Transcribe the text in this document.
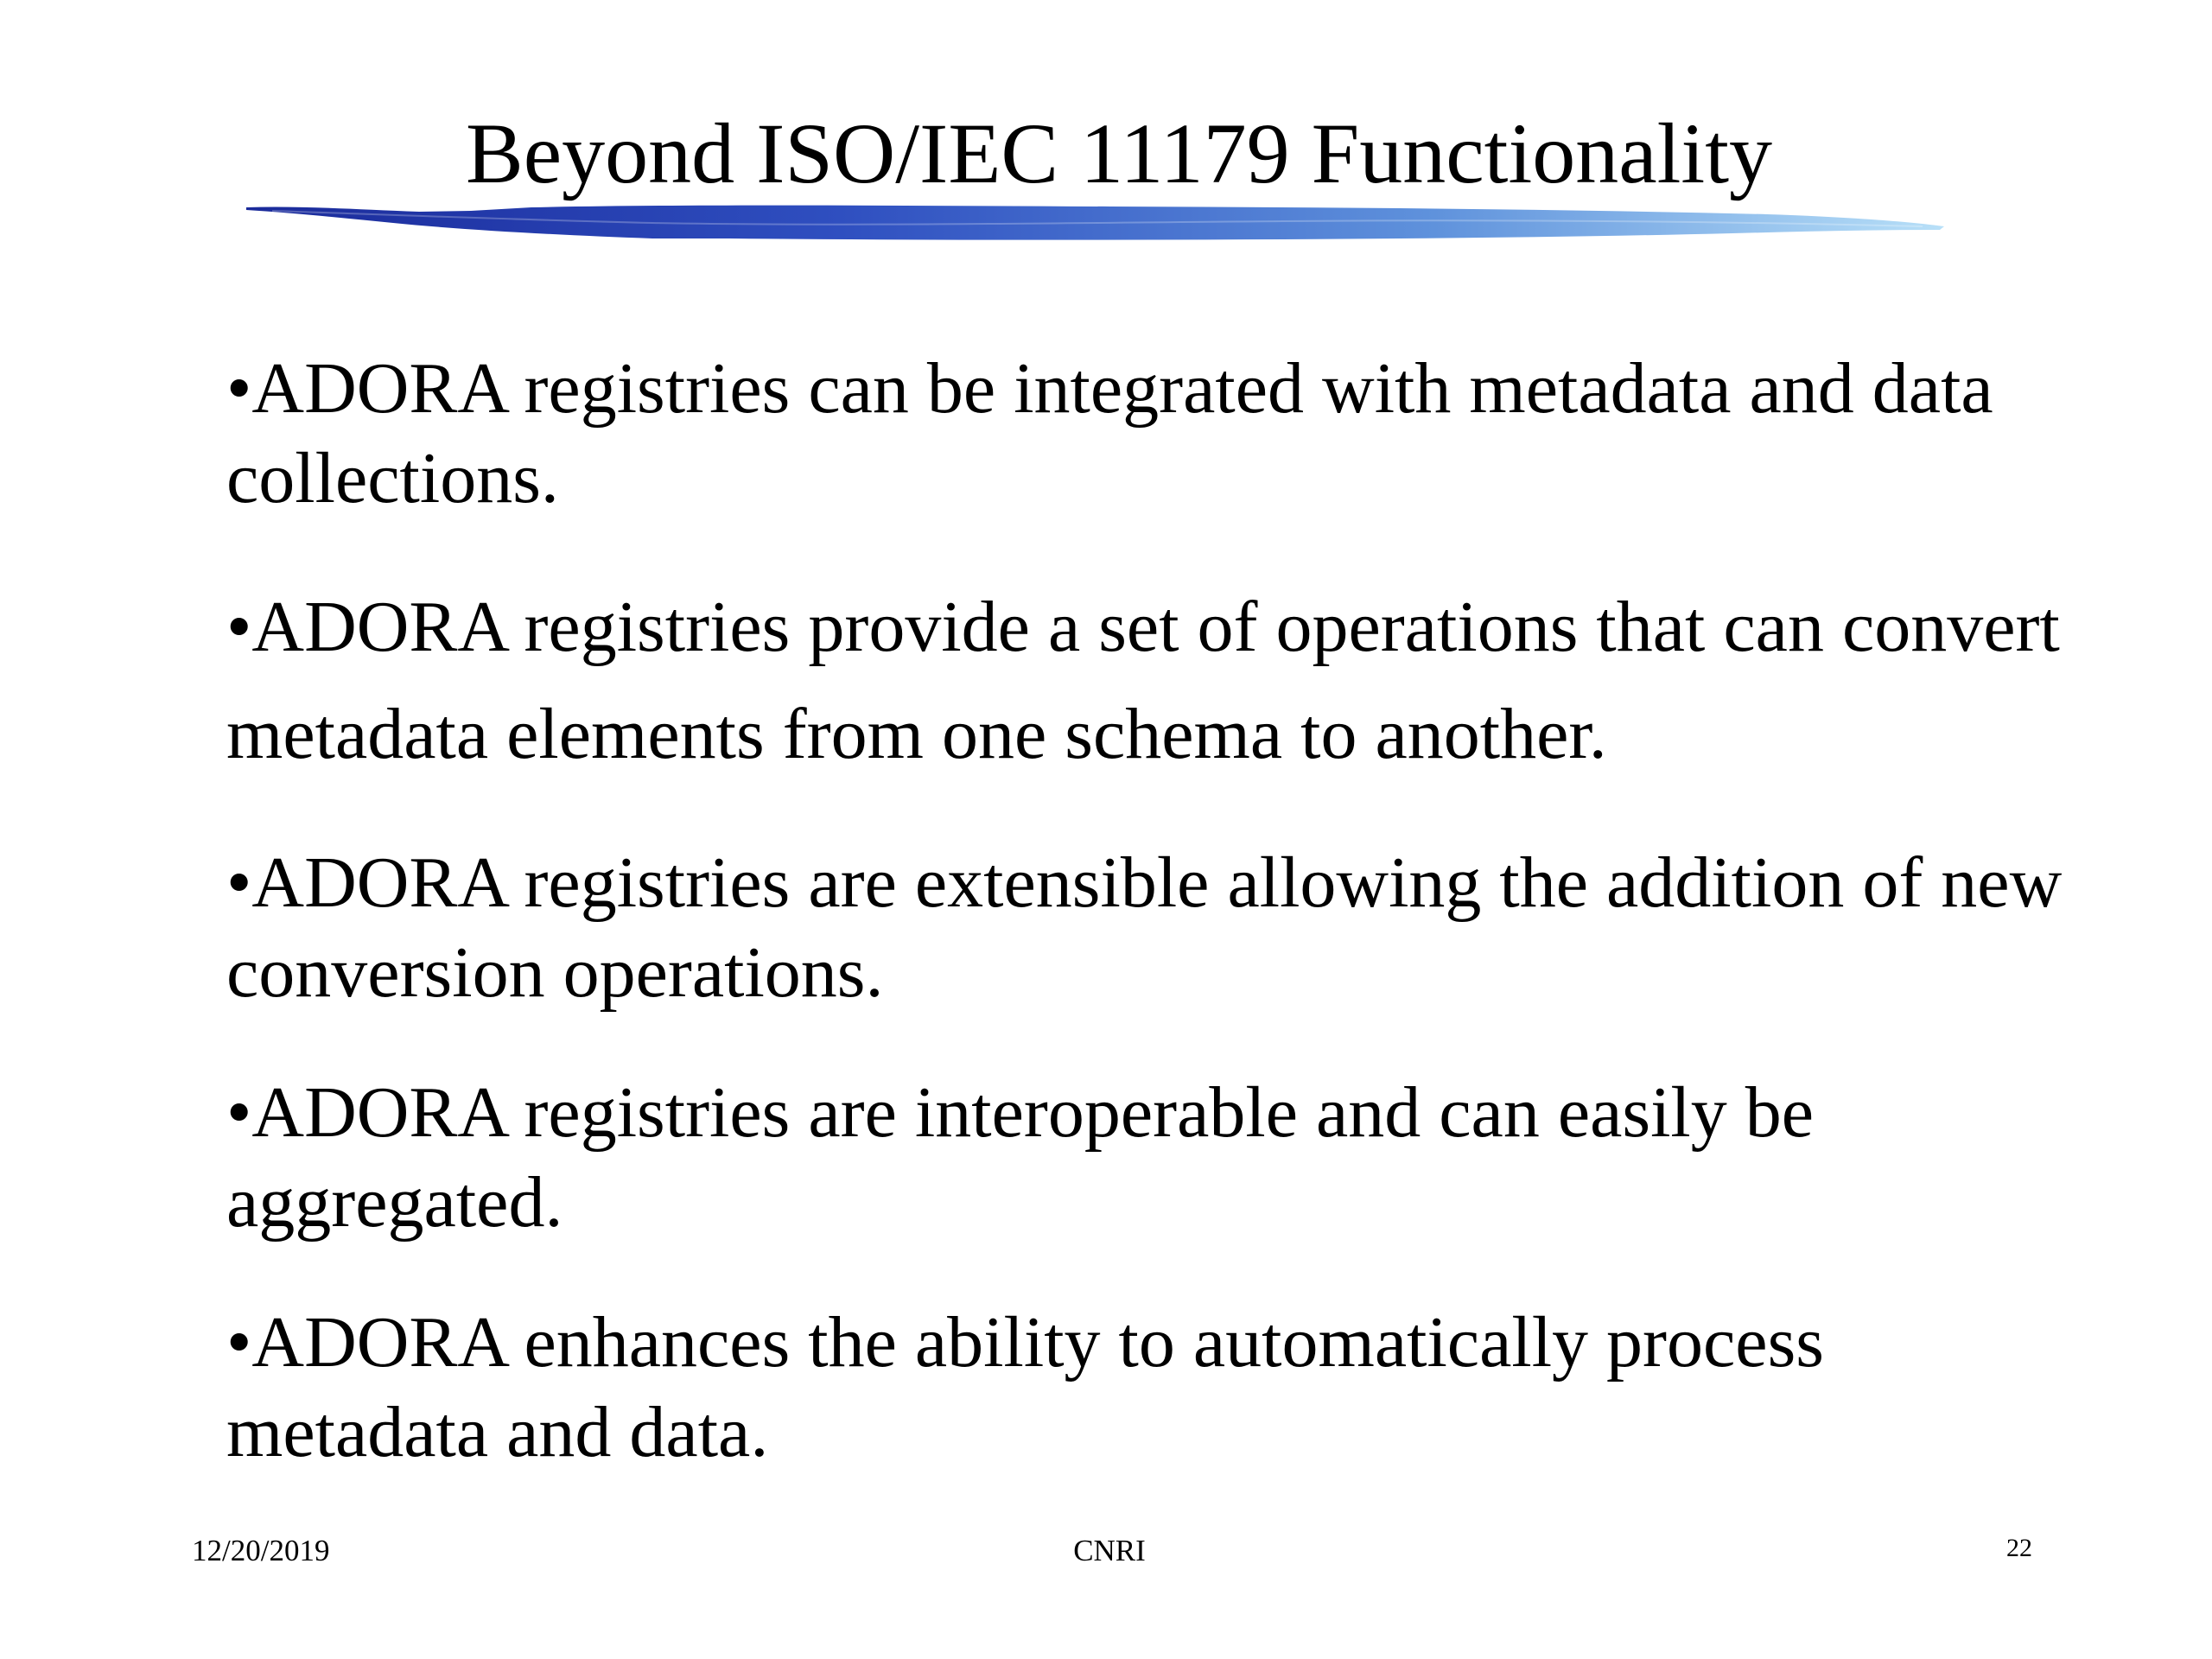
Beyond ISO/IEC 11179 Functionality

•ADORA registries can be integrated with metadata and data collections.

•ADORA registries provide a set of operations that can convert metadata elements from one schema to another.

•ADORA registries are extensible allowing the addition of new conversion operations.

•ADORA registries are interoperable and can easily be aggregated.

•ADORA enhances the ability to automatically process metadata and data.

12/20/2019	CNRI	22
